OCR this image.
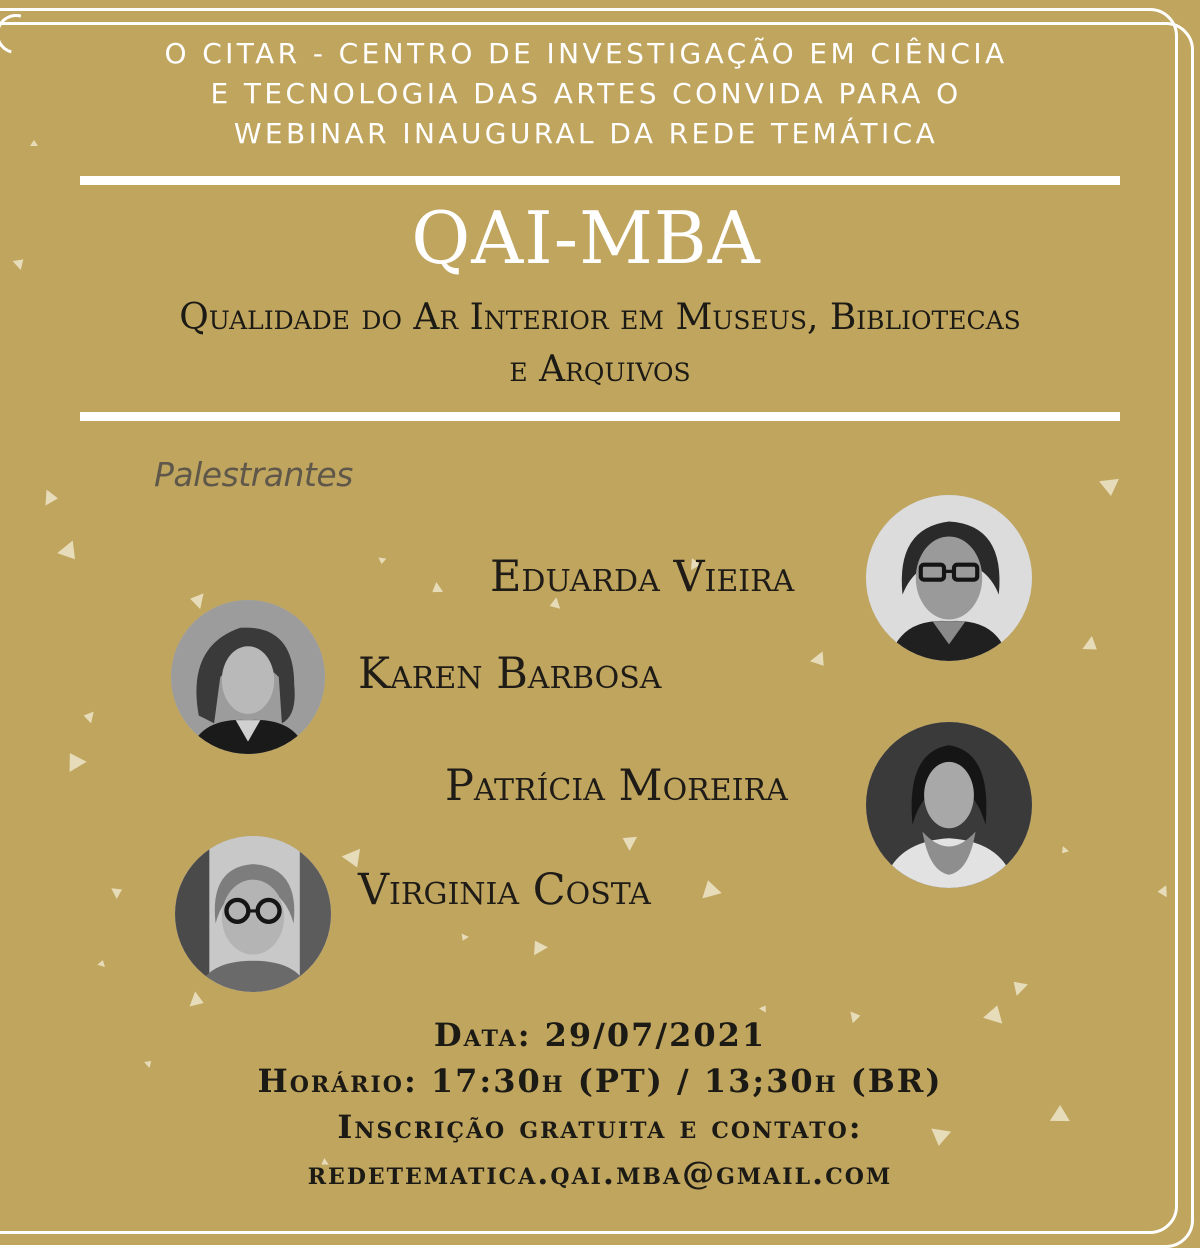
O CITAR - CENTRO DE INVESTIGAÇÃO EM CIÊNCIA
E TECNOLOGIA DAS ARTES CONVIDA PARA O
WEBINAR INAUGURAL DA REDE TEMÁTICA
QAI-MBA
Qualidade do Ar Interior em Museus, Bibliotecas
e Arquivos
Palestrantes
Eduarda Vieira
Karen Barbosa
Patrícia Moreira
Virginia Costa
Data: 29/07/2021
Horário: 17:30h (PT) / 13;30h (BR)
Inscrição gratuita e contato:
redetematica.qai.mba@gmail.com
